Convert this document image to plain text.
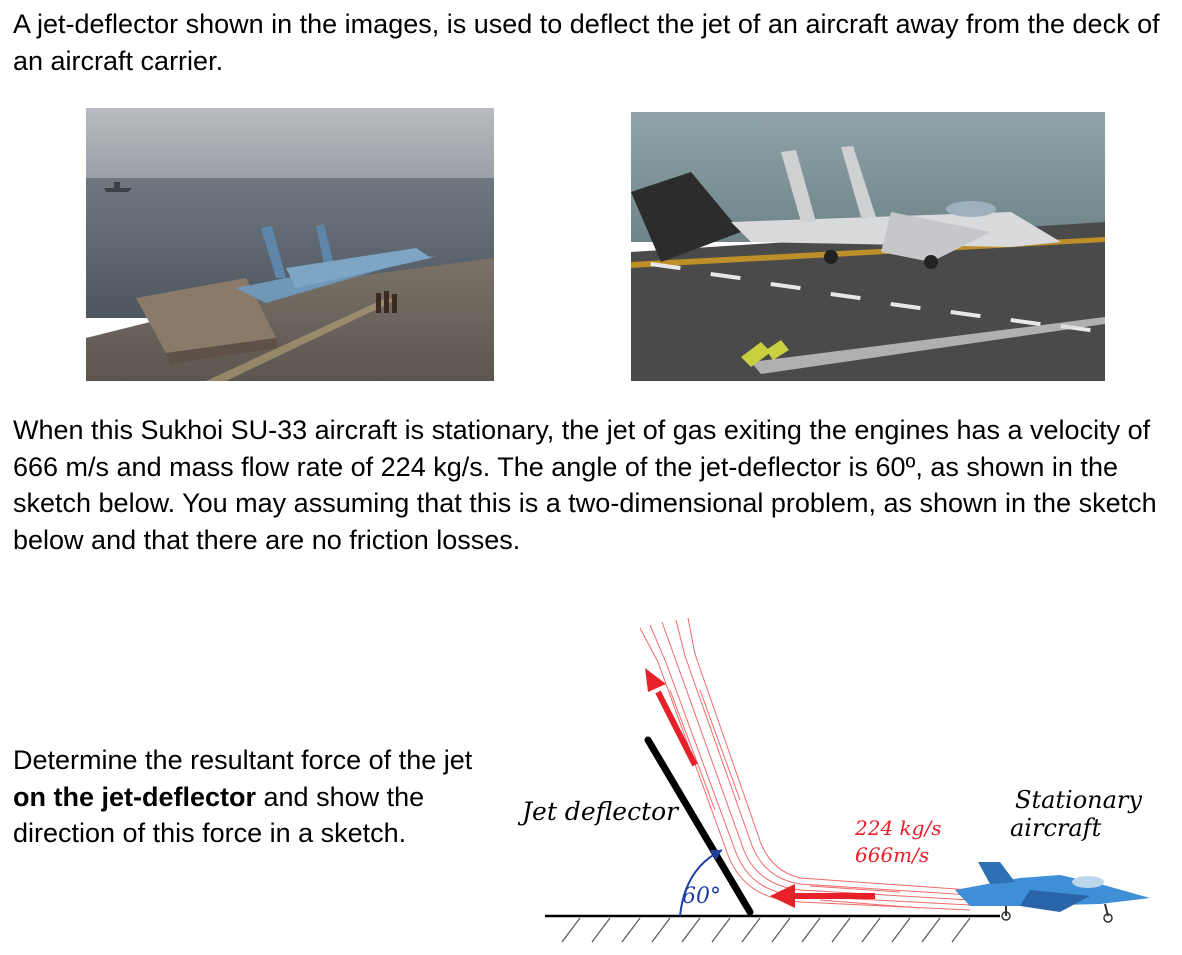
A jet-deflector shown in the images, is used to deflect the jet of an aircraft away from the deck of an aircraft carrier.

When this Sukhoi SU-33 aircraft is stationary, the jet of gas exiting the engines has a velocity of 666 m/s and mass flow rate of 224 kg/s. The angle of the jet-deflector is 60º, as shown in the sketch below. You may assuming that this is a two-dimensional problem, as shown in the sketch below and that there are no friction losses.

Determine the resultant force of the jet on the jet-deflector and show the direction of this force in a sketch.

60°
Jet deflector
224 kg/s
666m/s
Stationary
aircraft
